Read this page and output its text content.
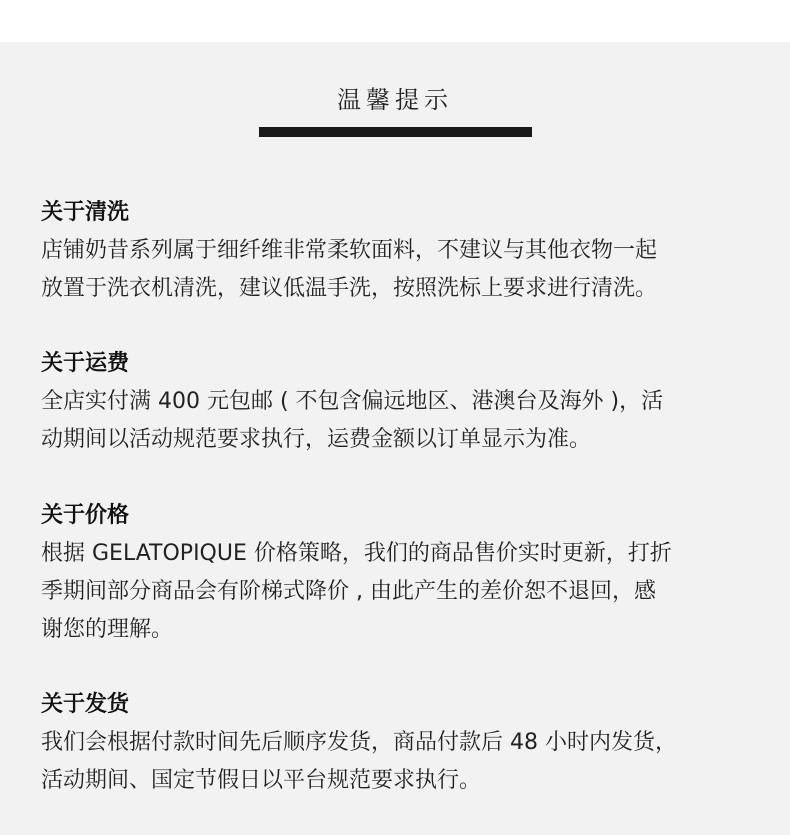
温馨提示

关于清洗

店铺奶昔系列属于细纤维非常柔软面料，不建议与其他衣物一起
放置于洗衣机清洗，建议低温手洗，按照洗标上要求进行清洗。

关于运费

全店实付满 400 元包邮 ( 不包含偏远地区、港澳台及海外 )，活
动期间以活动规范要求执行，运费金额以订单显示为准。

关于价格

根据 GELATOPIQUE 价格策略，我们的商品售价实时更新，打折
季期间部分商品会有阶梯式降价 , 由此产生的差价恕不退回，感
谢您的理解。

关于发货

我们会根据付款时间先后顺序发货，商品付款后 48 小时内发货，
活动期间、国定节假日以平台规范要求执行。
